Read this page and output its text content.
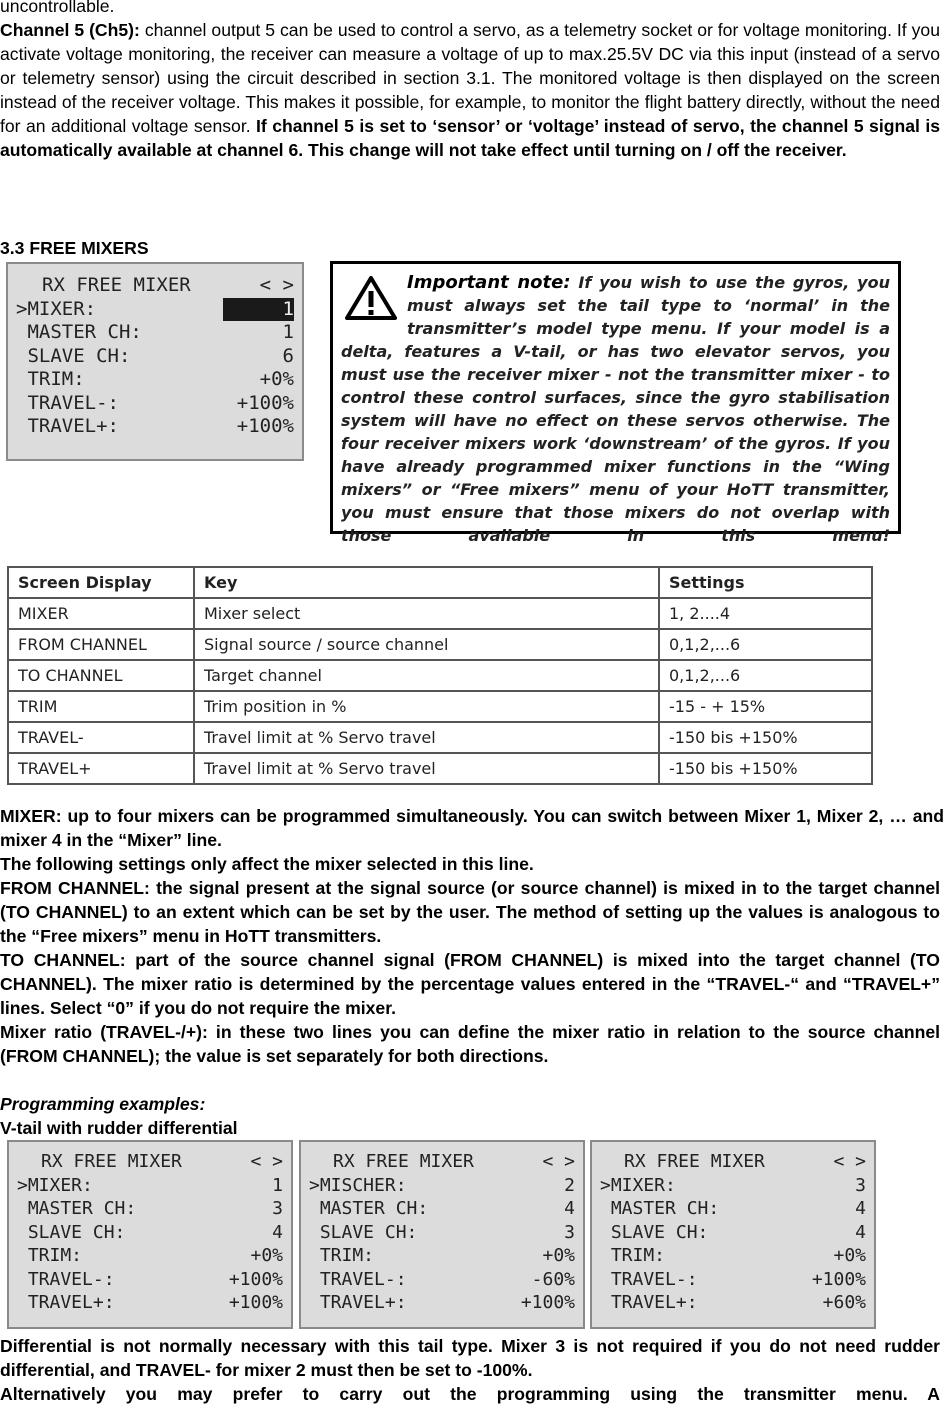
uncontrollable.

Channel 5 (Ch5): channel output 5 can be used to control a servo, as a telemetry socket or for voltage monitoring. If you activate voltage monitoring, the receiver can measure a voltage of up to max.25.5V DC via this input (instead of a servo or telemetry sensor) using the circuit described in section 3.1. The monitored voltage is then displayed on the screen instead of the receiver voltage. This makes it possible, for example, to monitor the flight battery directly, without the need for an additional voltage sensor. If channel 5 is set to ‘sensor’ or ‘voltage’ instead of servo, the channel 5 signal is automatically available at channel 6. This change will not take effect until turning on / off the receiver.

3.3 FREE MIXERS
RX FREE MIXER	< >
>MIXER:	1
MASTER CH:	1
SLAVE CH:	6
TRIM:	+0%
TRAVEL-:	+100%
TRAVEL+:	+100%
Important note: If you wish to use the gyros, you must always set the tail type to ‘normal’ in the transmitter’s model type menu. If your model is a delta, features a V-tail, or has two elevator servos, you must use the receiver mixer - not the transmitter mixer - to control these control surfaces, since the gyro stabilisation system will have no effect on these servos otherwise. The four receiver mixers work ‘downstream’ of the gyros. If you have already programmed mixer functions in the “Wing mixers” or “Free mixers” menu of your HoTT transmitter, you must ensure that those mixers do not overlap with those available in this menu!
Screen Display	Key	Settings
MIXER	Mixer select	1, 2....4
FROM CHANNEL	Signal source / source channel	0,1,2,...6
TO CHANNEL	Target channel	0,1,2,...6
TRIM	Trim position in %	-15 - + 15%
TRAVEL-	Travel limit at % Servo travel	-150 bis +150%
TRAVEL+	Travel limit at % Servo travel	-150 bis +150%

MIXER: up to four mixers can be programmed simultaneously. You can switch between Mixer 1, Mixer 2, … and mixer 4 in the “Mixer” line.

The following settings only affect the mixer selected in this line.

FROM CHANNEL: the signal present at the signal source (or source channel) is mixed in to the target channel (TO CHANNEL) to an extent which can be set by the user. The method of setting up the values is analogous to the “Free mixers” menu in HoTT transmitters.

TO CHANNEL: part of the source channel signal (FROM CHANNEL) is mixed into the target channel (TO CHANNEL). The mixer ratio is determined by the percentage values entered in the “TRAVEL-“ and “TRAVEL+” lines. Select “0” if you do not require the mixer.

Mixer ratio (TRAVEL-/+): in these two lines you can define the mixer ratio in relation to the source channel (FROM CHANNEL); the value is set separately for both directions.

Programming examples:
V-tail with rudder differential
RX FREE MIXER	< >
>MIXER:	1
MASTER CH:	3
SLAVE CH:	4
TRIM:	+0%
TRAVEL-:	+100%
TRAVEL+:	+100%
RX FREE MIXER	< >
>MISCHER:	2
MASTER CH:	4
SLAVE CH:	3
TRIM:	+0%
TRAVEL-:	-60%
TRAVEL+:	+100%
RX FREE MIXER	< >
>MIXER:	3
MASTER CH:	4
SLAVE CH:	4
TRIM:	+0%
TRAVEL-:	+100%
TRAVEL+:	+60%

Differential is not normally necessary with this tail type. Mixer 3 is not required if you do not need rudder differential, and TRAVEL- for mixer 2 must then be set to -100%.

Alternatively you may prefer to carry out the programming using the transmitter menu. A
